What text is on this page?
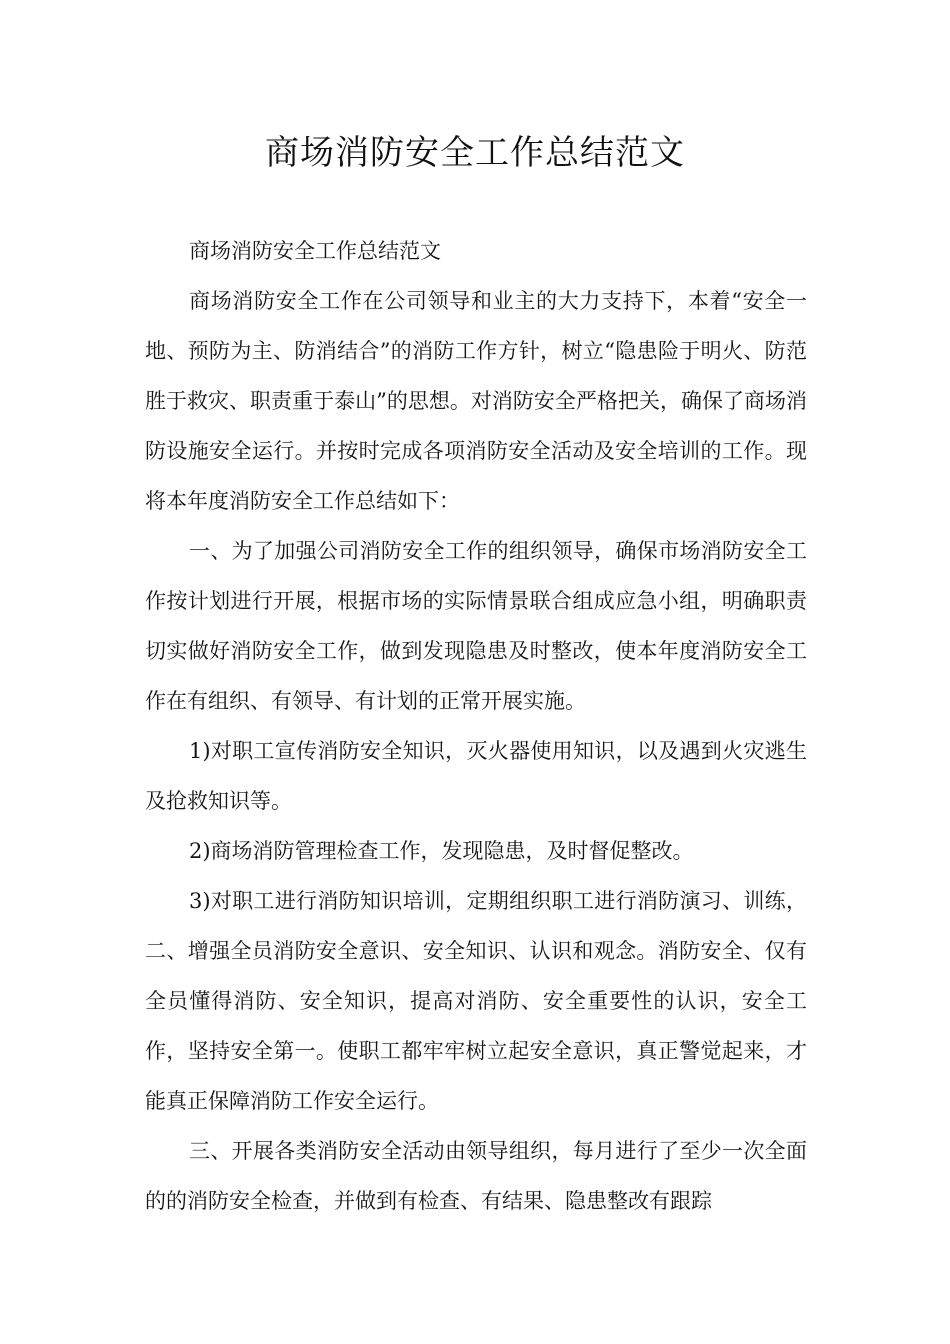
商场消防安全工作总结范文

商场消防安全工作总结范文

商场消防安全工作在公司领导和业主的大力支持下，本着“安全一地、预防为主、防消结合”的消防工作方针，树立“隐患险于明火、防范胜于救灾、职责重于泰山”的思想。对消防安全严格把关，确保了商场消防设施安全运行。并按时完成各项消防安全活动及安全培训的工作。现将本年度消防安全工作总结如下：

一、为了加强公司消防安全工作的组织领导，确保市场消防安全工作按计划进行开展，根据市场的实际情景联合组成应急小组，明确职责切实做好消防安全工作，做到发现隐患及时整改，使本年度消防安全工作在有组织、有领导、有计划的正常开展实施。

1)对职工宣传消防安全知识，灭火器使用知识，以及遇到火灾逃生及抢救知识等。

2)商场消防管理检查工作，发现隐患，及时督促整改。

3)对职工进行消防知识培训，定期组织职工进行消防演习、训练，二、增强全员消防安全意识、安全知识、认识和观念。消防安全、仅有全员懂得消防、安全知识，提高对消防、安全重要性的认识，安全工作，坚持安全第一。使职工都牢牢树立起安全意识，真正警觉起来，才能真正保障消防工作安全运行。

三、开展各类消防安全活动由领导组织，每月进行了至少一次全面的的消防安全检查，并做到有检查、有结果、隐患整改有跟踪
